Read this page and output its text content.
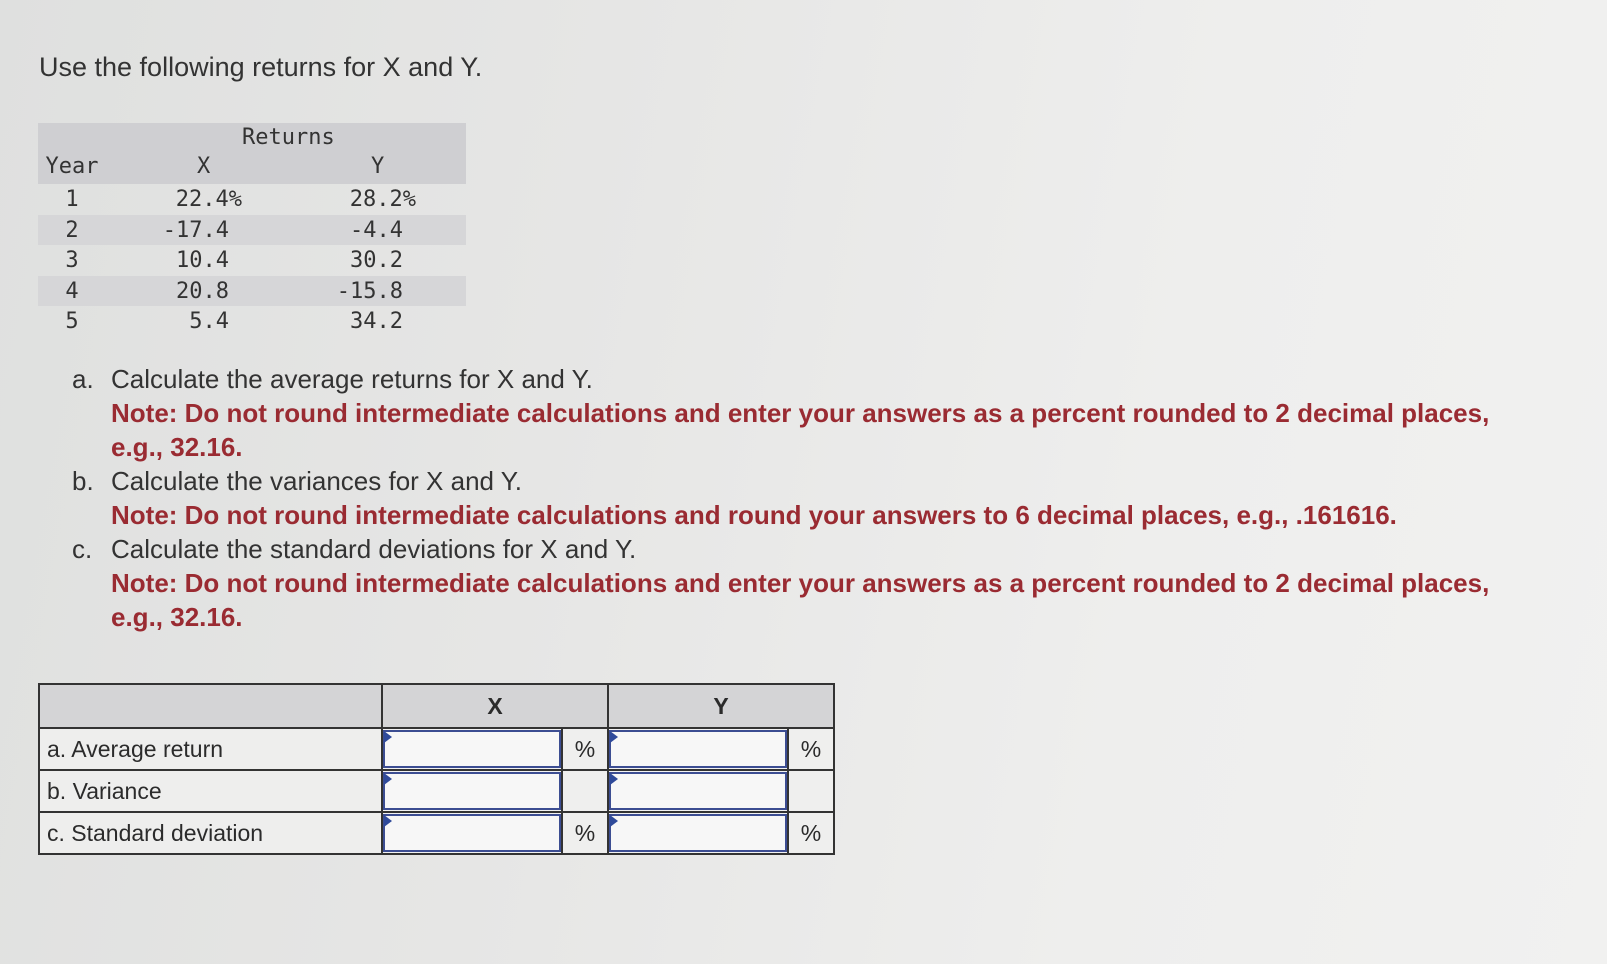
Use the following returns for X and Y.
Returns
Year	X	Y
1	22.4%	28.2%
2	-17.4	-4.4
3	10.4	30.2
4	20.8	-15.8
5	5.4	34.2
a. Calculate the average returns for X and Y.
Note: Do not round intermediate calculations and enter your answers as a percent rounded to 2 decimal places, e.g., 32.16.
b. Calculate the variances for X and Y.
Note: Do not round intermediate calculations and round your answers to 6 decimal places, e.g., .161616.
c. Calculate the standard deviations for X and Y.
Note: Do not round intermediate calculations and enter your answers as a percent rounded to 2 decimal places, e.g., 32.16.
	X		Y	
a. Average return		%		%
b. Variance	

c. Standard deviation		%		%
